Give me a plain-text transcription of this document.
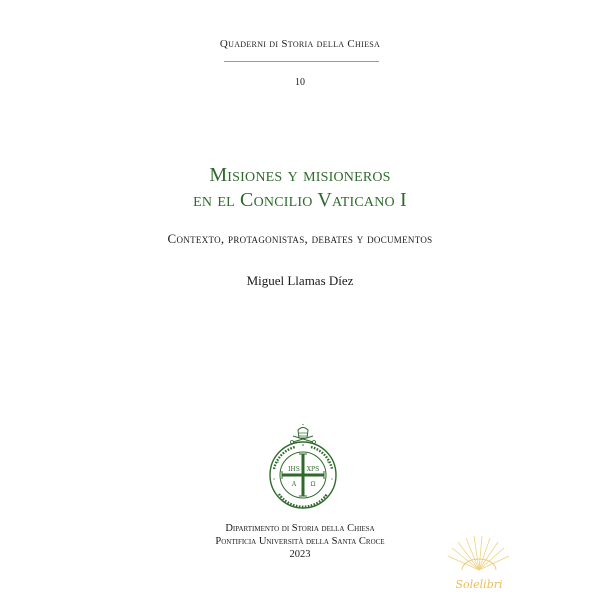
Quaderni di Storia della Chiesa
10
Misiones y misioneros
en el Concilio Vaticano I
Contexto, protagonistas, debates y documentos
Miguel Llamas Díez
IHS XPS
A Ω
Dipartimento di Storia della Chiesa
Pontificia Università della Santa Croce
2023
Solelibri
